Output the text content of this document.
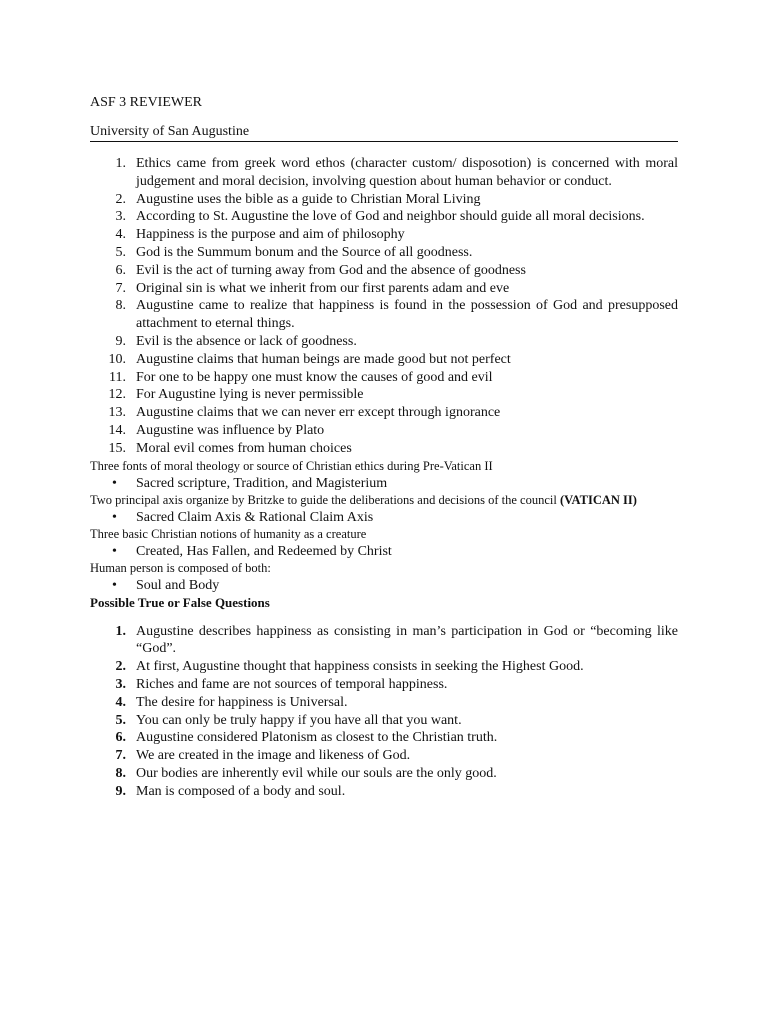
ASF 3 REVIEWER

University of San Augustine
1. Ethics came from greek word ethos (character custom/ disposotion) is concerned with moral judgement and moral decision, involving question about human behavior or conduct.
2. Augustine uses the bible as a guide to Christian Moral Living
3. According to St. Augustine the love of God and neighbor should guide all moral decisions.
4. Happiness is the purpose and aim of philosophy
5. God is the Summum bonum and the Source of all goodness.
6. Evil is the act of turning away from God and the absence of goodness
7. Original sin is what we inherit from our first parents adam and eve
8. Augustine came to realize that happiness is found in the possession of God and presupposed attachment to eternal things.
9. Evil is the absence or lack of goodness.
10. Augustine claims that human beings are made good but not perfect
11. For one to be happy one must know the causes of good and evil
12. For Augustine lying is never permissible
13. Augustine claims that we can never err except through ignorance
14. Augustine was influence by Plato
15. Moral evil comes from human choices

Three fonts of moral theology or source of Christian ethics during Pre-Vatican II

• Sacred scripture, Tradition, and Magisterium

Two principal axis organize by Britzke to guide the deliberations and decisions of the council (VATICAN II)

• Sacred Claim Axis & Rational Claim Axis

Three basic Christian notions of humanity as a creature

• Created, Has Fallen, and Redeemed by Christ

Human person is composed of both:

• Soul and Body

Possible True or False Questions

1. Augustine describes happiness as consisting in man’s participation in God or “becoming like “God”.
2. At first, Augustine thought that happiness consists in seeking the Highest Good.
3. Riches and fame are not sources of temporal happiness.
4. The desire for happiness is Universal.
5. You can only be truly happy if you have all that you want.
6. Augustine considered Platonism as closest to the Christian truth.
7. We are created in the image and likeness of God.
8. Our bodies are inherently evil while our souls are the only good.
9. Man is composed of a body and soul.
